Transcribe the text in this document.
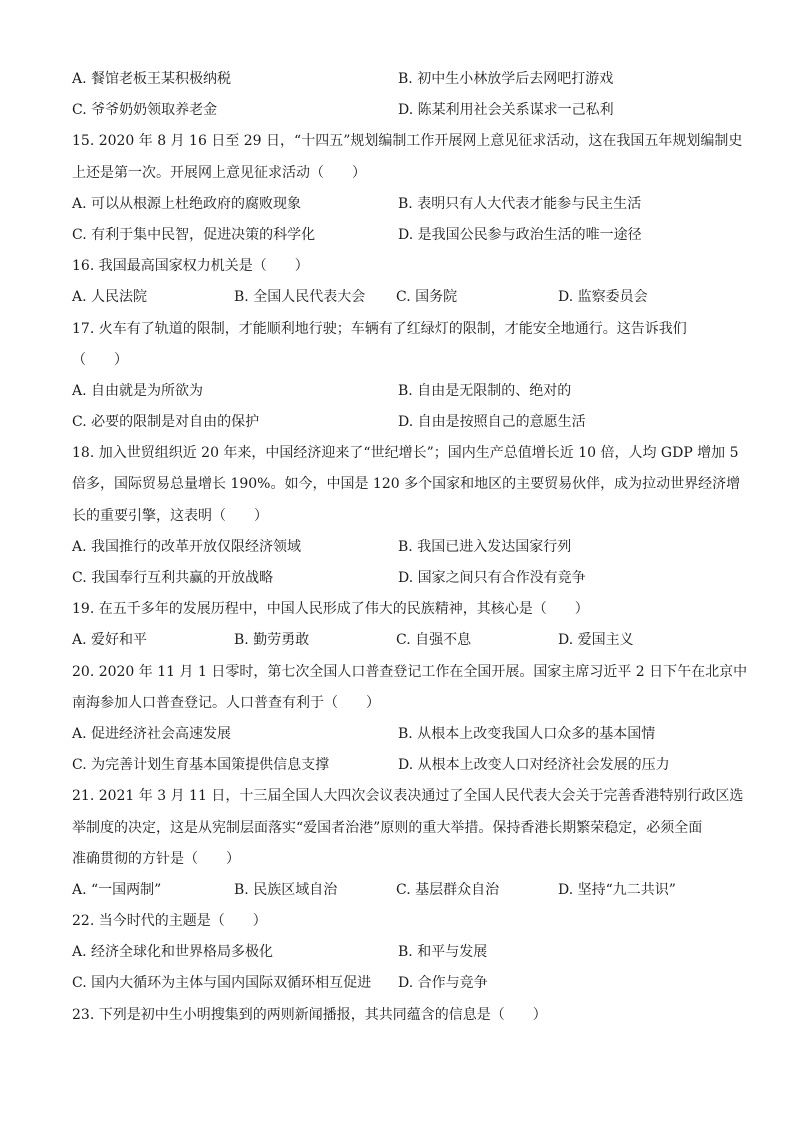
A. 餐馆老板王某积极纳税	B. 初中生小林放学后去网吧打游戏
C. 爷爷奶奶领取养老金	D. 陈某利用社会关系谋求一己私利
15. 2020 年 8 月 16 日至 29 日，“十四五”规划编制工作开展网上意见征求活动，这在我国五年规划编制史
上还是第一次。开展网上意见征求活动（　　）
A. 可以从根源上杜绝政府的腐败现象	B. 表明只有人大代表才能参与民主生活
C. 有利于集中民智，促进决策的科学化	D. 是我国公民参与政治生活的唯一途径
16. 我国最高国家权力机关是（　　）
A. 人民法院	B. 全国人民代表大会	C. 国务院	D. 监察委员会
17. 火车有了轨道的限制，才能顺利地行驶；车辆有了红绿灯的限制，才能安全地通行。这告诉我们
（　　）
A. 自由就是为所欲为	B. 自由是无限制的、绝对的
C. 必要的限制是对自由的保护	D. 自由是按照自己的意愿生活
18. 加入世贸组织近 20 年来，中国经济迎来了“世纪增长”；国内生产总值增长近 10 倍，人均 GDP 增加 5
倍多，国际贸易总量增长 190%。如今，中国是 120 多个国家和地区的主要贸易伙伴，成为拉动世界经济增
长的重要引擎，这表明（　　）
A. 我国推行的改革开放仅限经济领域	B. 我国已进入发达国家行列
C. 我国奉行互利共赢的开放战略	D. 国家之间只有合作没有竞争
19. 在五千多年的发展历程中，中国人民形成了伟大的民族精神，其核心是（　　）
A. 爱好和平	B. 勤劳勇敢	C. 自强不息	D. 爱国主义
20. 2020 年 11 月 1 日零时，第七次全国人口普查登记工作在全国开展。国家主席习近平 2 日下午在北京中
南海参加人口普查登记。人口普查有利于（　　）
A. 促进经济社会高速发展	B. 从根本上改变我国人口众多的基本国情
C. 为完善计划生育基本国策提供信息支撑	D. 从根本上改变人口对经济社会发展的压力
21. 2021 年 3 月 11 日，十三届全国人大四次会议表决通过了全国人民代表大会关于完善香港特别行政区选
举制度的决定，这是从宪制层面落实“爱国者治港”原则的重大举措。保持香港长期繁荣稳定，必须全面
准确贯彻的方针是（　　）
A. “一国两制”	B. 民族区域自治	C. 基层群众自治	D. 坚持“九二共识”
22. 当今时代的主题是（　　）
A. 经济全球化和世界格局多极化	B. 和平与发展
C. 国内大循环为主体与国内国际双循环相互促进	D. 合作与竞争
23. 下列是初中生小明搜集到的两则新闻播报，其共同蕴含的信息是（　　）
